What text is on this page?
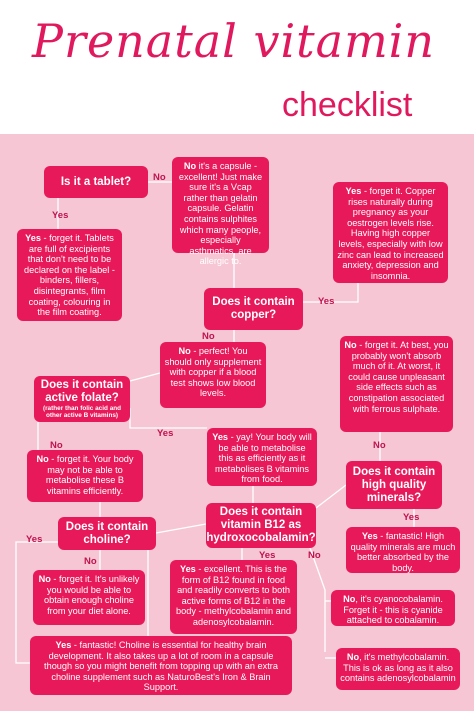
Prenatal vitamin
checklist
Is it a tablet?
Yes - forget it. Tablets are full of excipients that don't need to be declared on the label - binders, fillers, disintegrants, film coating, colouring in the film coating.
No it's a capsule - excellent! Just make sure it's a Vcap rather than gelatin capsule. Gelatin contains sulphites which many people, especially asthmatics, are allergic to.
Yes - forget it. Copper rises naturally during pregnancy as your oestrogen levels rise. Having high copper levels, especially with low zinc can lead to increased anxiety, depression and insomnia.
Does it contain copper?
No - perfect! You should only supplement with copper if a blood test shows low blood levels.
Does it contain active folate?
(rather than folic acid and other active B vitamins)
No - forget it. At best, you probably won't absorb much of it. At worst, it could cause unpleasant side effects such as constipation associated with ferrous sulphate.
No - forget it. Your body may not be able to metabolise these B vitamins efficiently.
Yes - yay! Your body will be able to metabolise this as efficiently as it metabolises B vitamins from food.
Does it contain high quality minerals?
Does it contain vitamin B12 as hydroxocobalamin?
Does it contain choline?	Yes - fantastic! High quality minerals are much better absorbed by the body.
No - forget it. It's unlikely you would be able to obtain enough choline from your diet alone.
Yes - excellent. This is the form of B12 found in food and readily converts to both active forms of B12 in the body - methylcobalamin and adenosylcobalamin.
No, it's cyanocobalamin. Forget it - this is cyanide attached to cobalamin.
No, it's methylcobalamin. This is ok as long as it also contains adenosylcobalamin
Yes - fantastic! Choline is essential for healthy brain development. It also takes up a lot of room in a capsule though so you might benefit from topping up with an extra choline supplement such as NaturoBest's Iron & Brain Support.
No
Yes
Yes
No
Yes
No	No
Yes
Yes	No
Yes
No
